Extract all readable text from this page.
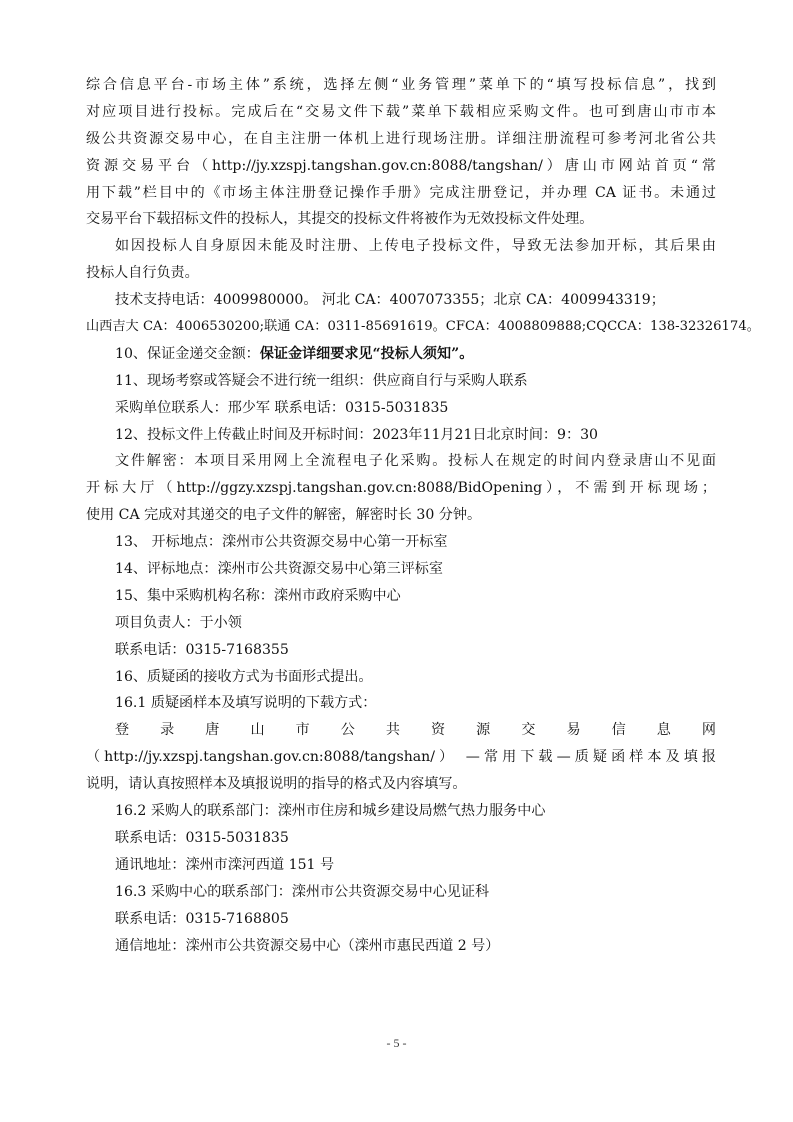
综合信息平台-市场主体”系统，选择左侧“业务管理”菜单下的“填写投标信息”，找到
对应项目进行投标。完成后在“交易文件下载”菜单下载相应采购文件。也可到唐山市市本
级公共资源交易中心，在自主注册一体机上进行现场注册。详细注册流程可参考河北省公共
资源交易平台（http://jy.xzspj.tangshan.gov.cn:8088/tangshan/）唐山市网站首页“常
用下载”栏目中的《市场主体注册登记操作手册》完成注册登记，并办理 CA 证书。未通过
交易平台下载招标文件的投标人，其提交的投标文件将被作为无效投标文件处理。
如因投标人自身原因未能及时注册、上传电子投标文件，导致无法参加开标，其后果由
投标人自行负责。
技术支持电话：4009980000。 河北 CA：4007073355；北京 CA：4009943319；
山西吉大 CA：4006530200;联通 CA：0311-85691619。CFCA：4008809888;CQCCA：138-32326174。
10、保证金递交金额：保证金详细要求见“投标人须知”。
11、现场考察或答疑会不进行统一组织：供应商自行与采购人联系
采购单位联系人：邢少军 联系电话：0315-5031835
12、投标文件上传截止时间及开标时间：2023年11月21日北京时间：9：30
文件解密：本项目采用网上全流程电子化采购。投标人在规定的时间内登录唐山不见面
开标大厅（http://ggzy.xzspj.tangshan.gov.cn:8088/BidOpening），不需到开标现场；
使用 CA 完成对其递交的电子文件的解密，解密时长 30 分钟。
13、 开标地点：滦州市公共资源交易中心第一开标室
14、评标地点：滦州市公共资源交易中心第三评标室
15、集中采购机构名称：滦州市政府采购中心
项目负责人：于小领
联系电话：0315-7168355
16、质疑函的接收方式为书面形式提出。
16.1 质疑函样本及填写说明的下载方式：
登录唐山市公共资源交易信息网
（http://jy.xzspj.tangshan.gov.cn:8088/tangshan/） —常用下载—质疑函样本及填报
说明，请认真按照样本及填报说明的指导的格式及内容填写。
16.2 采购人的联系部门：滦州市住房和城乡建设局燃气热力服务中心
联系电话：0315-5031835
通讯地址：滦州市滦河西道 151 号
16.3 采购中心的联系部门：滦州市公共资源交易中心见证科
联系电话：0315-7168805
通信地址：滦州市公共资源交易中心（滦州市惠民西道 2 号）
- 5 -
